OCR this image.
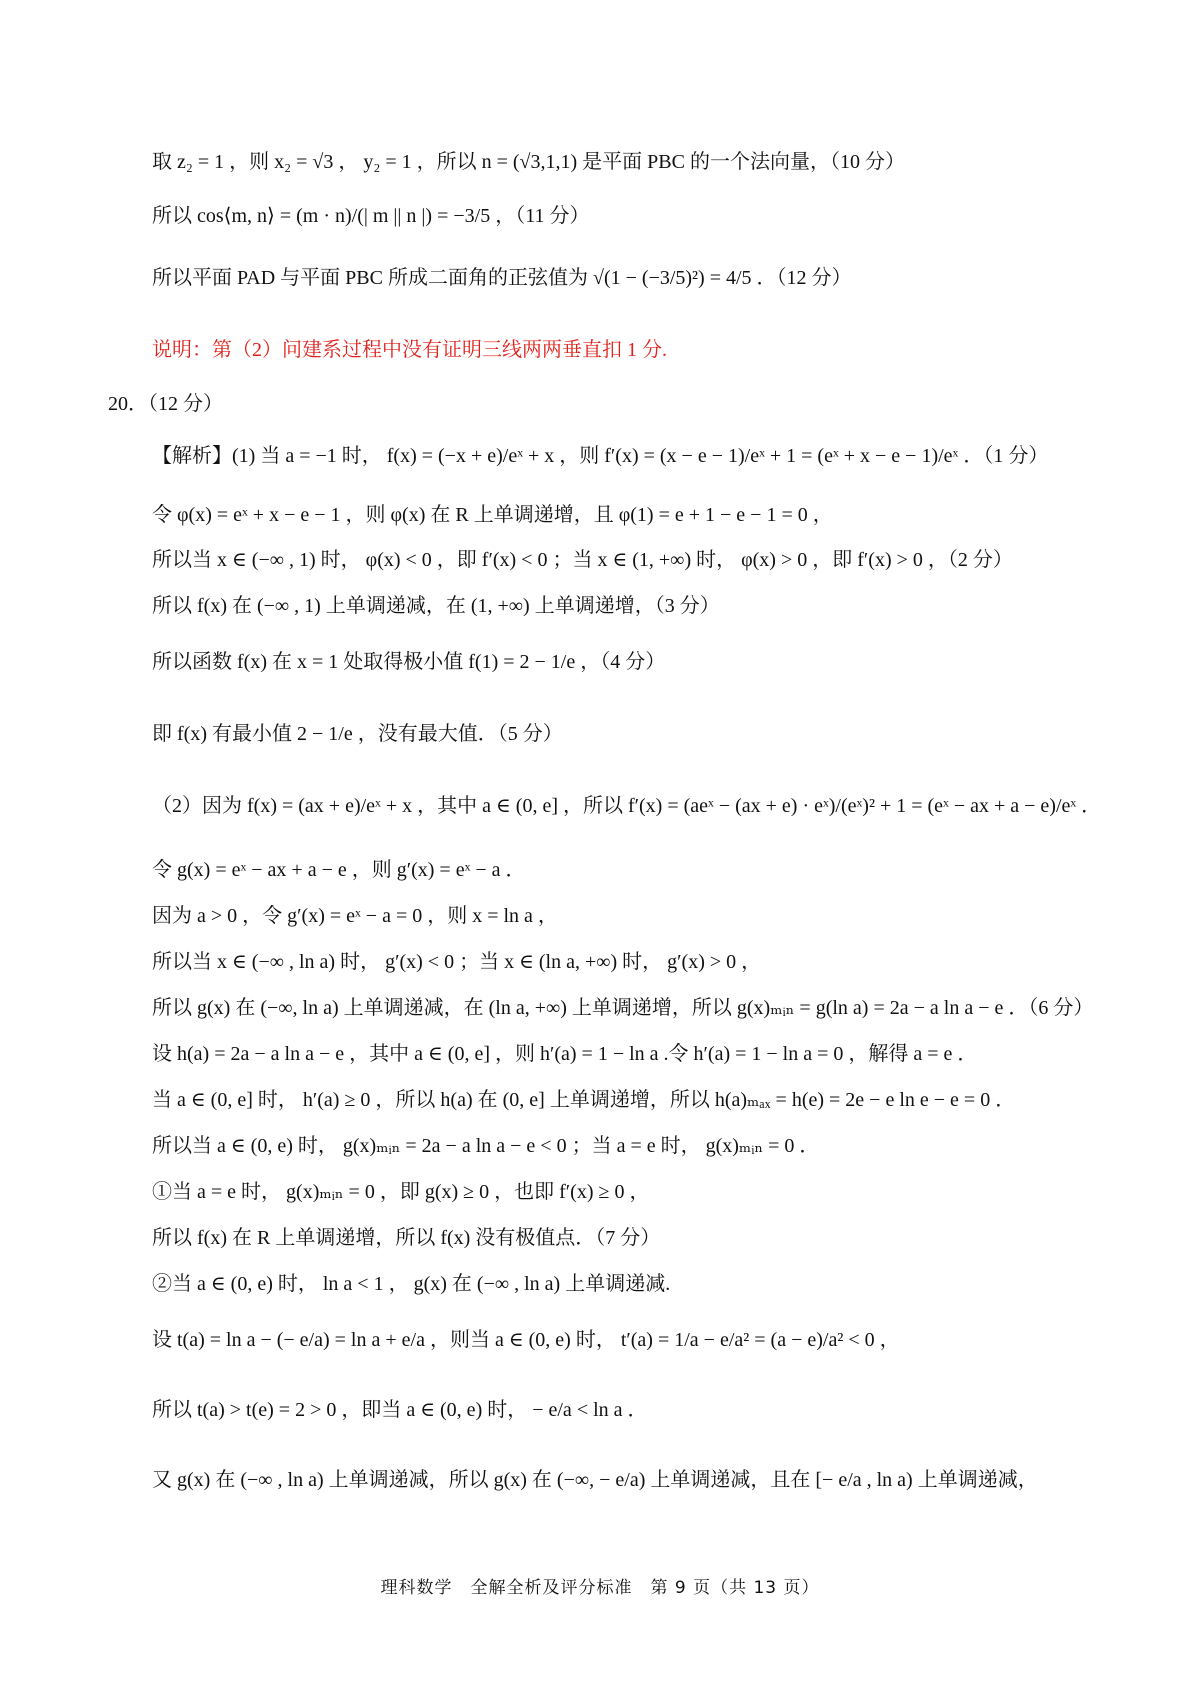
取 z₂ = 1 ，则 x₂ = √3 ， y₂ = 1 ，所以 n = (√3,1,1) 是平面 PBC 的一个法向量，（10 分）
所以 cos⟨m, n⟩ = (m · n)/(| m || n |) = −3/5 ，（11 分）
所以平面 PAD 与平面 PBC 所成二面角的正弦值为 √(1 − (−3/5)²) = 4/5 ．（12 分）
说明：第（2）问建系过程中没有证明三线两两垂直扣 1 分.
20．（12 分）
【解析】(1) 当 a = −1 时， f(x) = (−x + e)/eˣ + x ，则 f′(x) = (x − e − 1)/eˣ + 1 = (eˣ + x − e − 1)/eˣ ．（1 分）
令 φ(x) = eˣ + x − e − 1 ，则 φ(x) 在 R 上单调递增，且 φ(1) = e + 1 − e − 1 = 0 ，
所以当 x ∈ (−∞ , 1) 时， φ(x) < 0 ，即 f′(x) < 0 ；当 x ∈ (1, +∞) 时， φ(x) > 0 ，即 f′(x) > 0 ，（2 分）
所以 f(x) 在 (−∞ , 1) 上单调递减，在 (1, +∞) 上单调递增，（3 分）
所以函数 f(x) 在 x = 1 处取得极小值 f(1) = 2 − 1/e ，（4 分）
即 f(x) 有最小值 2 − 1/e ，没有最大值．（5 分）
（2）因为 f(x) = (ax + e)/eˣ + x ，其中 a ∈ (0, e] ，所以 f′(x) = (aeˣ − (ax + e) · eˣ)/(eˣ)² + 1 = (eˣ − ax + a − e)/eˣ ．
令 g(x) = eˣ − ax + a − e ，则 g′(x) = eˣ − a ．
因为 a > 0 ，令 g′(x) = eˣ − a = 0 ，则 x = ln a ，
所以当 x ∈ (−∞ , ln a) 时， g′(x) < 0 ；当 x ∈ (ln a, +∞) 时， g′(x) > 0 ，
所以 g(x) 在 (−∞, ln a) 上单调递减，在 (ln a, +∞) 上单调递增，所以 g(x)ₘᵢₙ = g(ln a) = 2a − a ln a − e ．（6 分）
设 h(a) = 2a − a ln a − e ，其中 a ∈ (0, e] ，则 h′(a) = 1 − ln a .令 h′(a) = 1 − ln a = 0 ，解得 a = e ．
当 a ∈ (0, e] 时， h′(a) ≥ 0 ，所以 h(a) 在 (0, e] 上单调递增，所以 h(a)ₘₐₓ = h(e) = 2e − e ln e − e = 0 ．
所以当 a ∈ (0, e) 时， g(x)ₘᵢₙ = 2a − a ln a − e < 0 ；当 a = e 时， g(x)ₘᵢₙ = 0 ．
①当 a = e 时， g(x)ₘᵢₙ = 0 ，即 g(x) ≥ 0 ，也即 f′(x) ≥ 0 ，
所以 f(x) 在 R 上单调递增，所以 f(x) 没有极值点．（7 分）
②当 a ∈ (0, e) 时， ln a < 1 ， g(x) 在 (−∞ , ln a) 上单调递减.
设 t(a) = ln a − (− e/a) = ln a + e/a ，则当 a ∈ (0, e) 时， t′(a) = 1/a − e/a² = (a − e)/a² < 0 ，
所以 t(a) > t(e) = 2 > 0 ，即当 a ∈ (0, e) 时， − e/a < ln a ．
又 g(x) 在 (−∞ , ln a) 上单调递减，所以 g(x) 在 (−∞, − e/a) 上单调递减，且在 [− e/a , ln a) 上单调递减，
理科数学　全解全析及评分标准　第 9 页（共 13 页）
